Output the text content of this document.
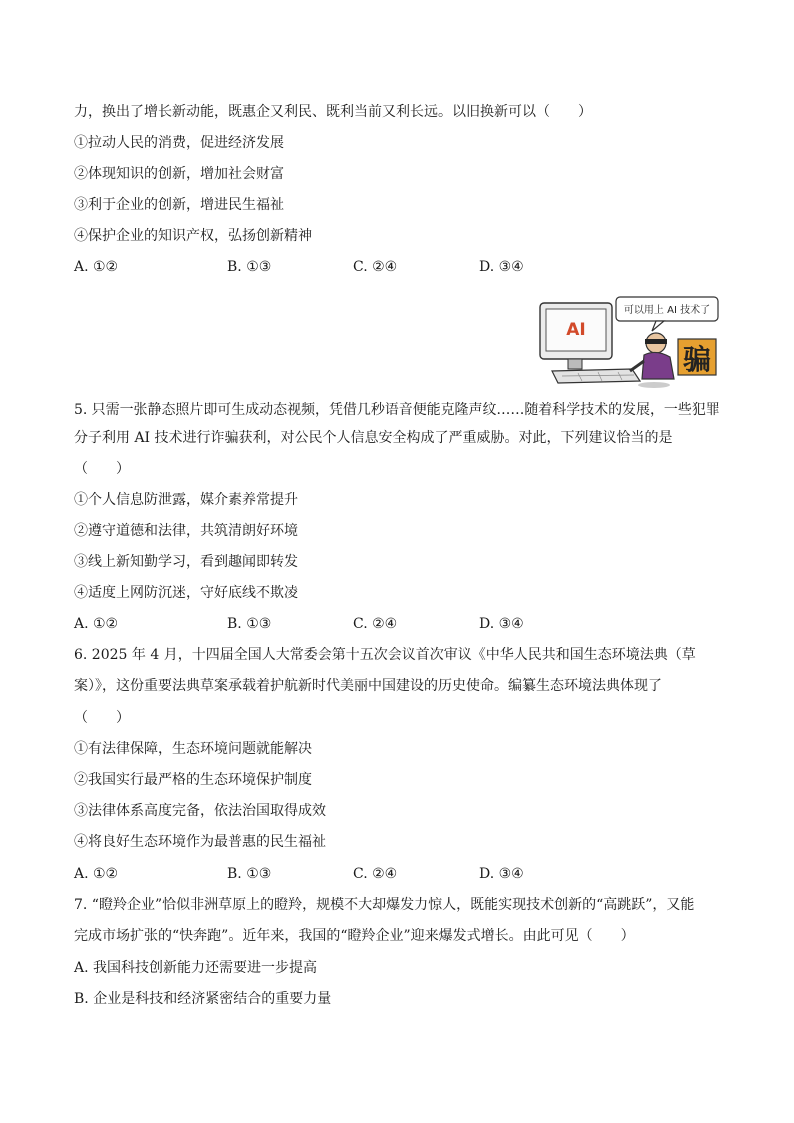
力，换出了增长新动能，既惠企又利民、既利当前又利长远。以旧换新可以（　　）
①拉动人民的消费，促进经济发展
②体现知识的创新，增加社会财富
③利于企业的创新，增进民生福祉
④保护企业的知识产权，弘扬创新精神
A. ①②	B. ①③	C. ②④	D. ③④
AI
可以用上 AI 技术了
骗
5. 只需一张静态照片即可生成动态视频，凭借几秒语音便能克隆声纹……随着科学技术的发展，一些犯罪
分子利用 AI 技术进行诈骗获利，对公民个人信息安全构成了严重威胁。对此，下列建议恰当的是
（　　）
①个人信息防泄露，媒介素养常提升
②遵守道德和法律，共筑清朗好环境
③线上新知勤学习，看到趣闻即转发
④适度上网防沉迷，守好底线不欺凌
A. ①②	B. ①③	C. ②④	D. ③④
6. 2025 年 4 月，十四届全国人大常委会第十五次会议首次审议《中华人民共和国生态环境法典（草
案）》，这份重要法典草案承载着护航新时代美丽中国建设的历史使命。编纂生态环境法典体现了
（　　）
①有法律保障，生态环境问题就能解决
②我国实行最严格的生态环境保护制度
③法律体系高度完备，依法治国取得成效
④将良好生态环境作为最普惠的民生福祉
A. ①②	B. ①③	C. ②④	D. ③④
7. “瞪羚企业”恰似非洲草原上的瞪羚，规模不大却爆发力惊人，既能实现技术创新的“高跳跃”，又能
完成市场扩张的“快奔跑”。近年来，我国的“瞪羚企业”迎来爆发式增长。由此可见（　　）
A. 我国科技创新能力还需要进一步提高
B. 企业是科技和经济紧密结合的重要力量
